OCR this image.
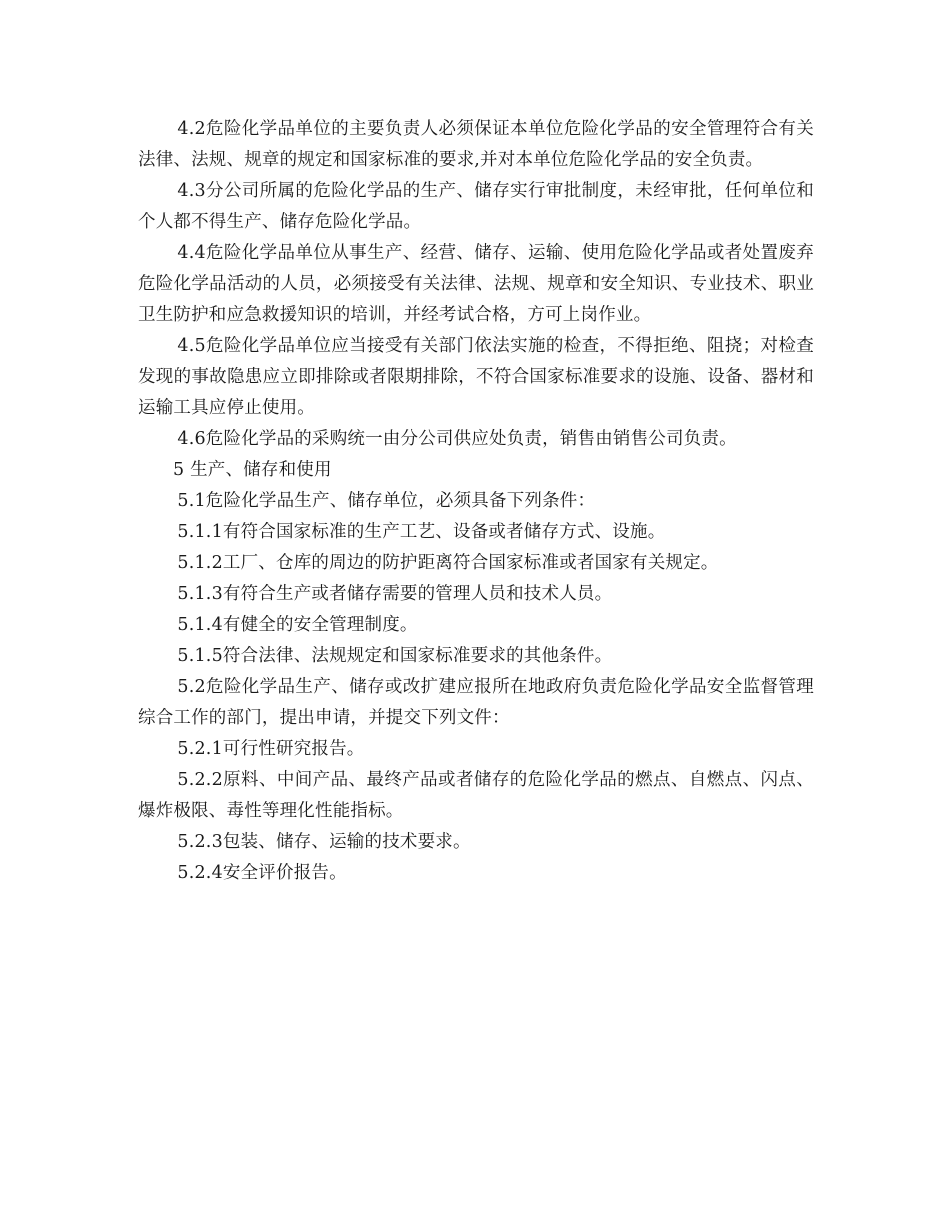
4.2危险化学品单位的主要负责人必须保证本单位危险化学品的安全管理符合有关法律、法规、规章的规定和国家标准的要求,并对本单位危险化学品的安全负责。

4.3分公司所属的危险化学品的生产、储存实行审批制度，未经审批，任何单位和个人都不得生产、储存危险化学品。

4.4危险化学品单位从事生产、经营、储存、运输、使用危险化学品或者处置废弃危险化学品活动的人员，必须接受有关法律、法规、规章和安全知识、专业技术、职业卫生防护和应急救援知识的培训，并经考试合格，方可上岗作业。

4.5危险化学品单位应当接受有关部门依法实施的检查，不得拒绝、阻挠；对检查发现的事故隐患应立即排除或者限期排除，不符合国家标准要求的设施、设备、器材和运输工具应停止使用。

4.6危险化学品的采购统一由分公司供应处负责，销售由销售公司负责。

5 生产、储存和使用

5.1危险化学品生产、储存单位，必须具备下列条件：

5.1.1有符合国家标准的生产工艺、设备或者储存方式、设施。

5.1.2工厂、仓库的周边的防护距离符合国家标准或者国家有关规定。

5.1.3有符合生产或者储存需要的管理人员和技术人员。

5.1.4有健全的安全管理制度。

5.1.5符合法律、法规规定和国家标准要求的其他条件。

5.2危险化学品生产、储存或改扩建应报所在地政府负责危险化学品安全监督管理综合工作的部门，提出申请，并提交下列文件：

5.2.1可行性研究报告。

5.2.2原料、中间产品、最终产品或者储存的危险化学品的燃点、自燃点、闪点、爆炸极限、毒性等理化性能指标。

5.2.3包装、储存、运输的技术要求。

5.2.4安全评价报告。
